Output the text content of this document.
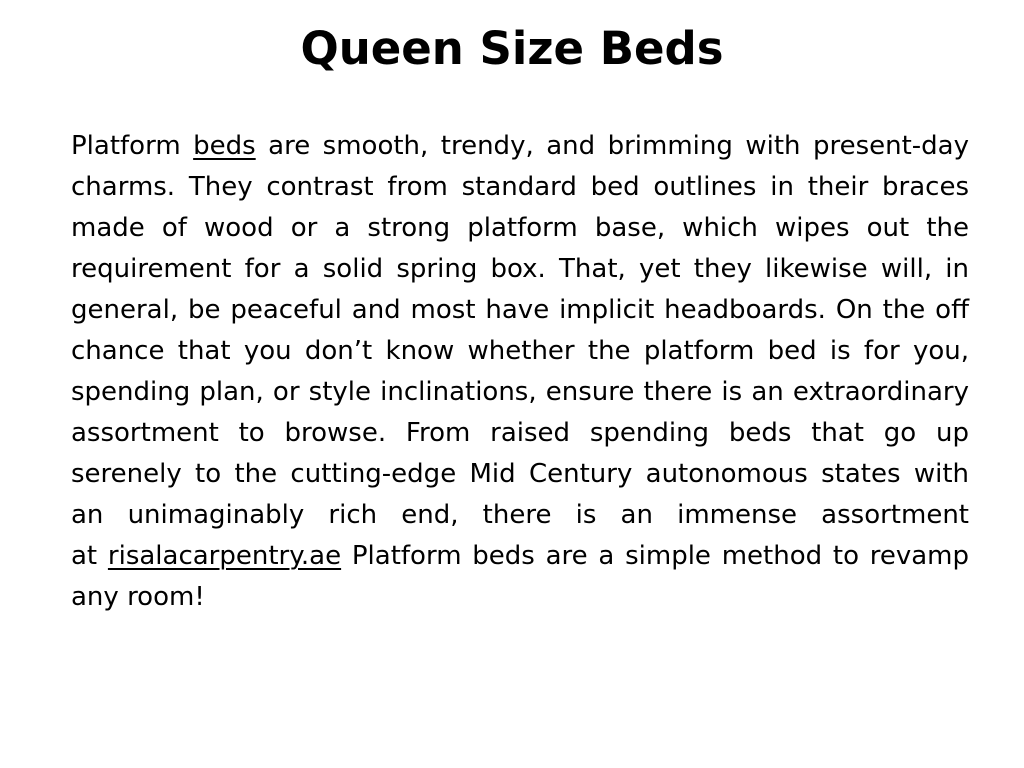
Queen Size Beds

Platform beds are smooth, trendy, and brimming with present-day charms. They contrast from standard bed outlines in their braces made of wood or a strong platform base, which wipes out the requirement for a solid spring box. That, yet they likewise will, in general, be peaceful and most have implicit headboards. On the off chance that you don’t know whether the platform bed is for you, spending plan, or style inclinations, ensure there is an extraordinary assortment to browse. From raised spending beds that go up serenely to the cutting-edge Mid Century autonomous states with an unimaginably rich end, there is an immense assortment
at risalacarpentry.ae Platform beds are a simple method to revamp any room!
